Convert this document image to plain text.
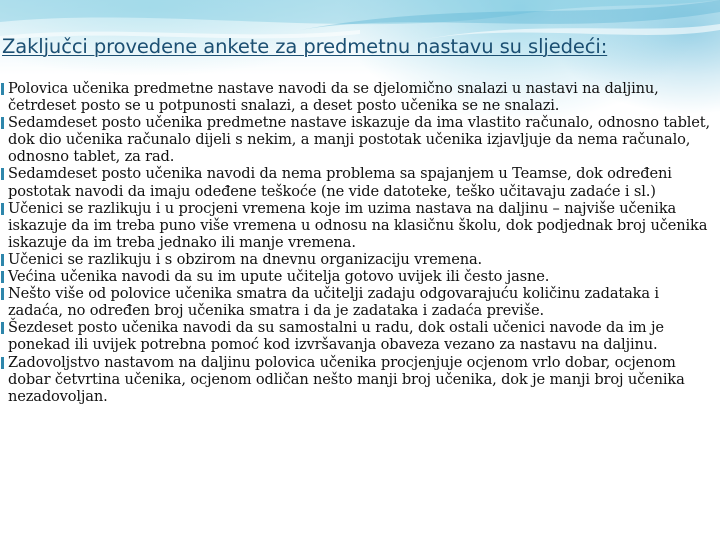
Zaključci provedene ankete za predmetnu nastavu su sljedeći:
Polovica učenika predmetne nastave navodi da se djelomično snalazi u nastavi na daljinu, četrdeset posto se u potpunosti snalazi, a deset posto učenika se ne snalazi.
Sedamdeset posto učenika predmetne nastave iskazuje da ima vlastito računalo, odnosno tablet, dok dio učenika računalo dijeli s nekim, a manji postotak učenika izjavljuje da nema računalo, odnosno tablet, za rad.
Sedamdeset posto učenika navodi da nema problema sa spajanjem u Teamse, dok određeni postotak navodi da imaju odeđene teškoće (ne vide datoteke, teško učitavaju zadaće i sl.)
Učenici se razlikuju i u procjeni vremena koje im uzima nastava na daljinu – najviše učenika iskazuje da im treba puno više vremena u odnosu na klasičnu školu, dok podjednak broj učenika iskazuje da im treba jednako ili manje vremena.
Učenici se razlikuju i s obzirom na dnevnu organizaciju vremena.
Većina učenika navodi da su im upute učitelja gotovo uvijek ili često jasne.
Nešto više od polovice učenika smatra da učitelji zadaju odgovarajuću količinu zadataka i zadaća, no određen broj učenika smatra i da je zadataka i zadaća previše.
Šezdeset posto učenika navodi da su samostalni u radu, dok ostali učenici navode da im je ponekad ili uvijek potrebna pomoć kod izvršavanja obaveza vezano za nastavu na daljinu.
Zadovoljstvo nastavom na daljinu polovica učenika procjenjuje ocjenom vrlo dobar, ocjenom dobar četvrtina učenika, ocjenom odličan nešto manji broj učenika, dok je manji broj učenika nezadovoljan.
